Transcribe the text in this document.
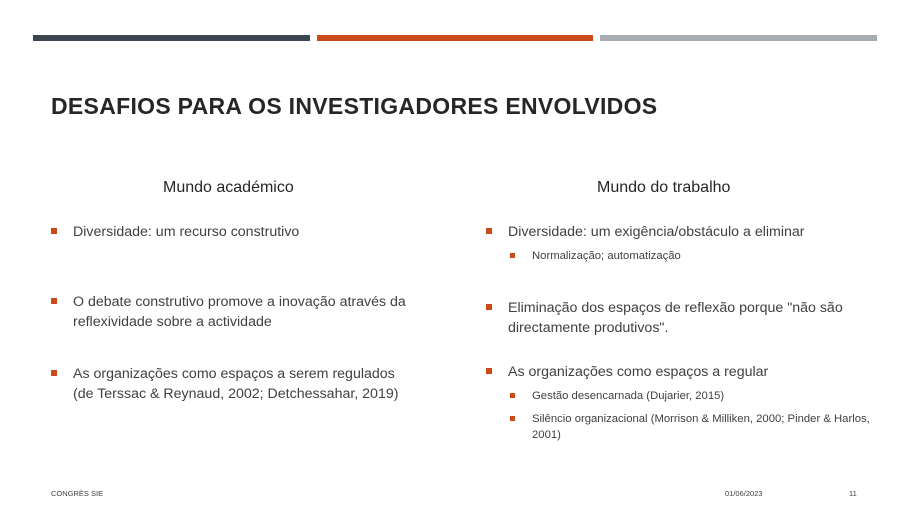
DESAFIOS PARA OS INVESTIGADORES ENVOLVIDOS
Mundo académico
Diversidade: um recurso construtivo
O debate construtivo promove a inovação através da reflexividade sobre a actividade
As organizações como espaços a serem regulados (de Terssac & Reynaud, 2002; Detchessahar, 2019)
Mundo do trabalho
Diversidade: um exigência/obstáculo a eliminar
Normalização; automatização
Eliminação dos espaços de reflexão porque "não são directamente produtivos".
As organizações como espaços a regular
Gestão desencarnada (Dujarier, 2015)
Silêncio organizacional (Morrison & Milliken, 2000; Pinder & Harlos, 2001)
CONGRÈS SIE	01/06/2023	11
